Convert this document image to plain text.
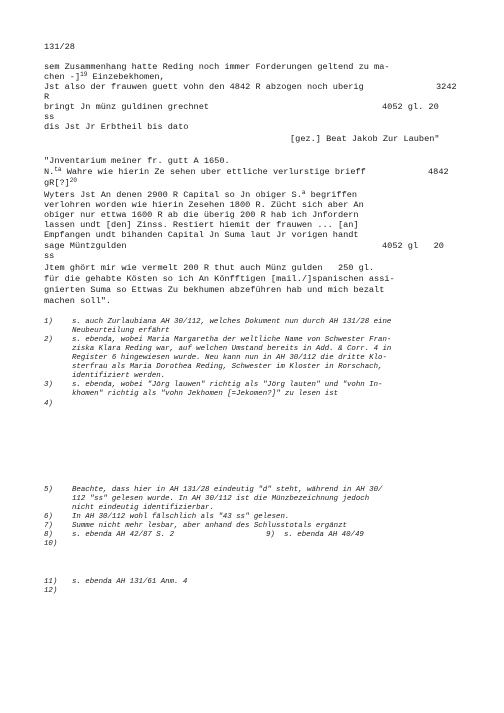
131/28
sem Zusammenhang hatte Reding noch immer Forderungen geltend zu ma-
chen -]$^{19}$ Einzebekhomen,
Jst also der frauwen guett vohn den 4842 R abzogen noch uberig	3242
R
bringt Jn münz guldinen grechnet	4052 gl. 20
ss
dis Jst Jr Erbtheil bis dato
[gez.] Beat Jakob Zur Lauben"
"Jnventarium meiner fr. gutt A 1650.
N.$^{ta}$ Wahre wie hierin Ze sehen uber ettliche verlurstige brieff	4842
gR[?]$^{20}$
Wyters Jst An denen 2900 R Capital so Jn obiger S.$^a$ begriffen
verlohren worden wie hierin Zesehen 1800 R. Zücht sich aber An
obiger nur ettwa 1600 R ab die überig 200 R hab ich Jnfordern
lassen undt [den] Zinss. Restiert hiemit der frauwen ... [an]
Empfangen undt bihanden Capital Jn Suma laut Jr vorigen handt
sage Müntzgulden	4052 gl   20
ss
Jtem ghört mir wie vermelt 200 R thut auch Münz gulden   250 gl.
für die gehabte Kösten so ich An Könfftigen [mail./]spanischen assi-
gnierten Suma so Ettwas Zu bekhumen abzeführen hab und mich bezalt
machen soll".
1)	s. auch Zurlaubiana AH 30/112, welches Dokument nun durch AH 131/28 eine
Neubeurteilung erfährt
2)	s. ebenda, wobei Maria Margaretha der weltliche Name von Schwester Fran-
ziska Klara Reding war, auf welchen Umstand bereits in Add. & Corr. 4 in
Register 6 hingewiesen wurde. Neu kann nun in AH 30/112 die dritte Klo-
sterfrau als Maria Dorothea Reding, Schwester im Kloster in Rorschach,
identifiziert werden.
3)	s. ebenda, wobei "Jörg lauwen" richtig als "Jörg lauten" und "vohn In-
khomen" richtig als "vohn Jekhomen [=Jekomen?]" zu lesen ist
4)
5)	Beachte, dass hier in AH 131/28 eindeutig "d" steht, während in AH 30/
112 "ss" gelesen wurde. In AH 30/112 ist die Münzbezeichnung jedoch
nicht eindeutig identifizierbar.
6)	In AH 30/112 wohl fälschlich als "43 ss" gelesen.
7)	Summe nicht mehr lesbar, aber anhand des Schlusstotals ergänzt
8)	s. ebenda AH 42/87 S. 2	9) s. ebenda AH 40/49
10)
11) s. ebenda AH 131/61 Anm. 4
12)
